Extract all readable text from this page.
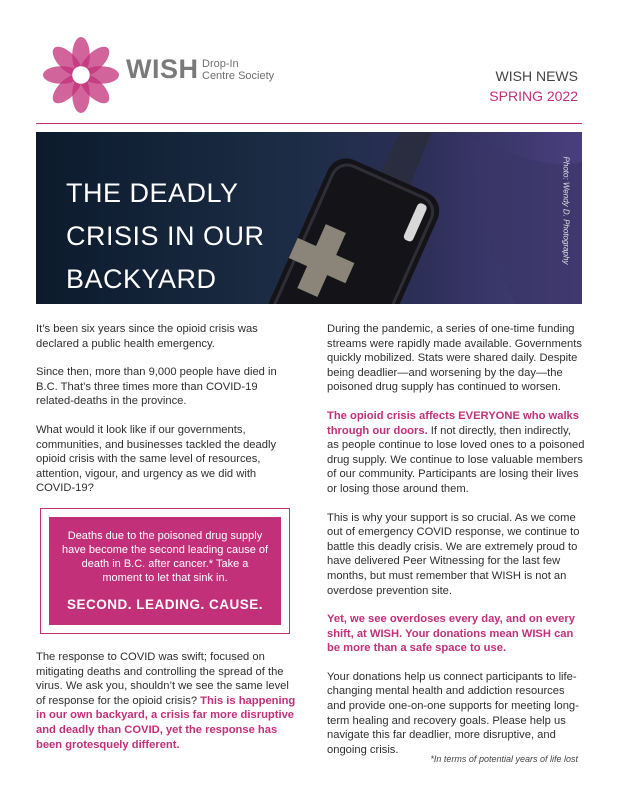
WISH Drop-In
Centre Society	WISH NEWS
SPRING 2022
THE DEADLY
CRISIS IN OUR
BACKYARD
Photo: Wendy D. Photography

It’s been six years since the opioid crisis was declared a public health emergency.

Since then, more than 9,000 people have died in B.C. That’s three times more than COVID-19 related-deaths in the province.

What would it look like if our governments, communities, and businesses tackled the deadly opioid crisis with the same level of resources, attention, vigour, and urgency as we did with COVID-19?

Deaths due to the poisoned drug supply have become the second leading cause of death in B.C. after cancer.* Take a moment to let that sink in.
SECOND. LEADING. CAUSE.

The response to COVID was swift; focused on mitigating deaths and controlling the spread of the virus. We ask you, shouldn’t we see the same level of response for the opioid crisis? This is happening in our own backyard, a crisis far more disruptive and deadly than COVID, yet the response has been grotesquely different.

During the pandemic, a series of one-time funding streams were rapidly made available. Governments quickly mobilized. Stats were shared daily. Despite being deadlier—and worsening by the day—the poisoned drug supply has continued to worsen.

The opioid crisis affects EVERYONE who walks through our doors. If not directly, then indirectly, as people continue to lose loved ones to a poisoned drug supply. We continue to lose valuable members of our community. Participants are losing their lives or losing those around them.

This is why your support is so crucial. As we come out of emergency COVID response, we continue to battle this deadly crisis. We are extremely proud to have delivered Peer Witnessing for the last few months, but must remember that WISH is not an overdose prevention site.

Yet, we see overdoses every day, and on every shift, at WISH. Your donations mean WISH can be more than a safe space to use.

Your donations help us connect participants to life-changing mental health and addiction resources and provide one-on-one supports for meeting long-term healing and recovery goals. Please help us navigate this far deadlier, more disruptive, and ongoing crisis.

*In terms of potential years of life lost
